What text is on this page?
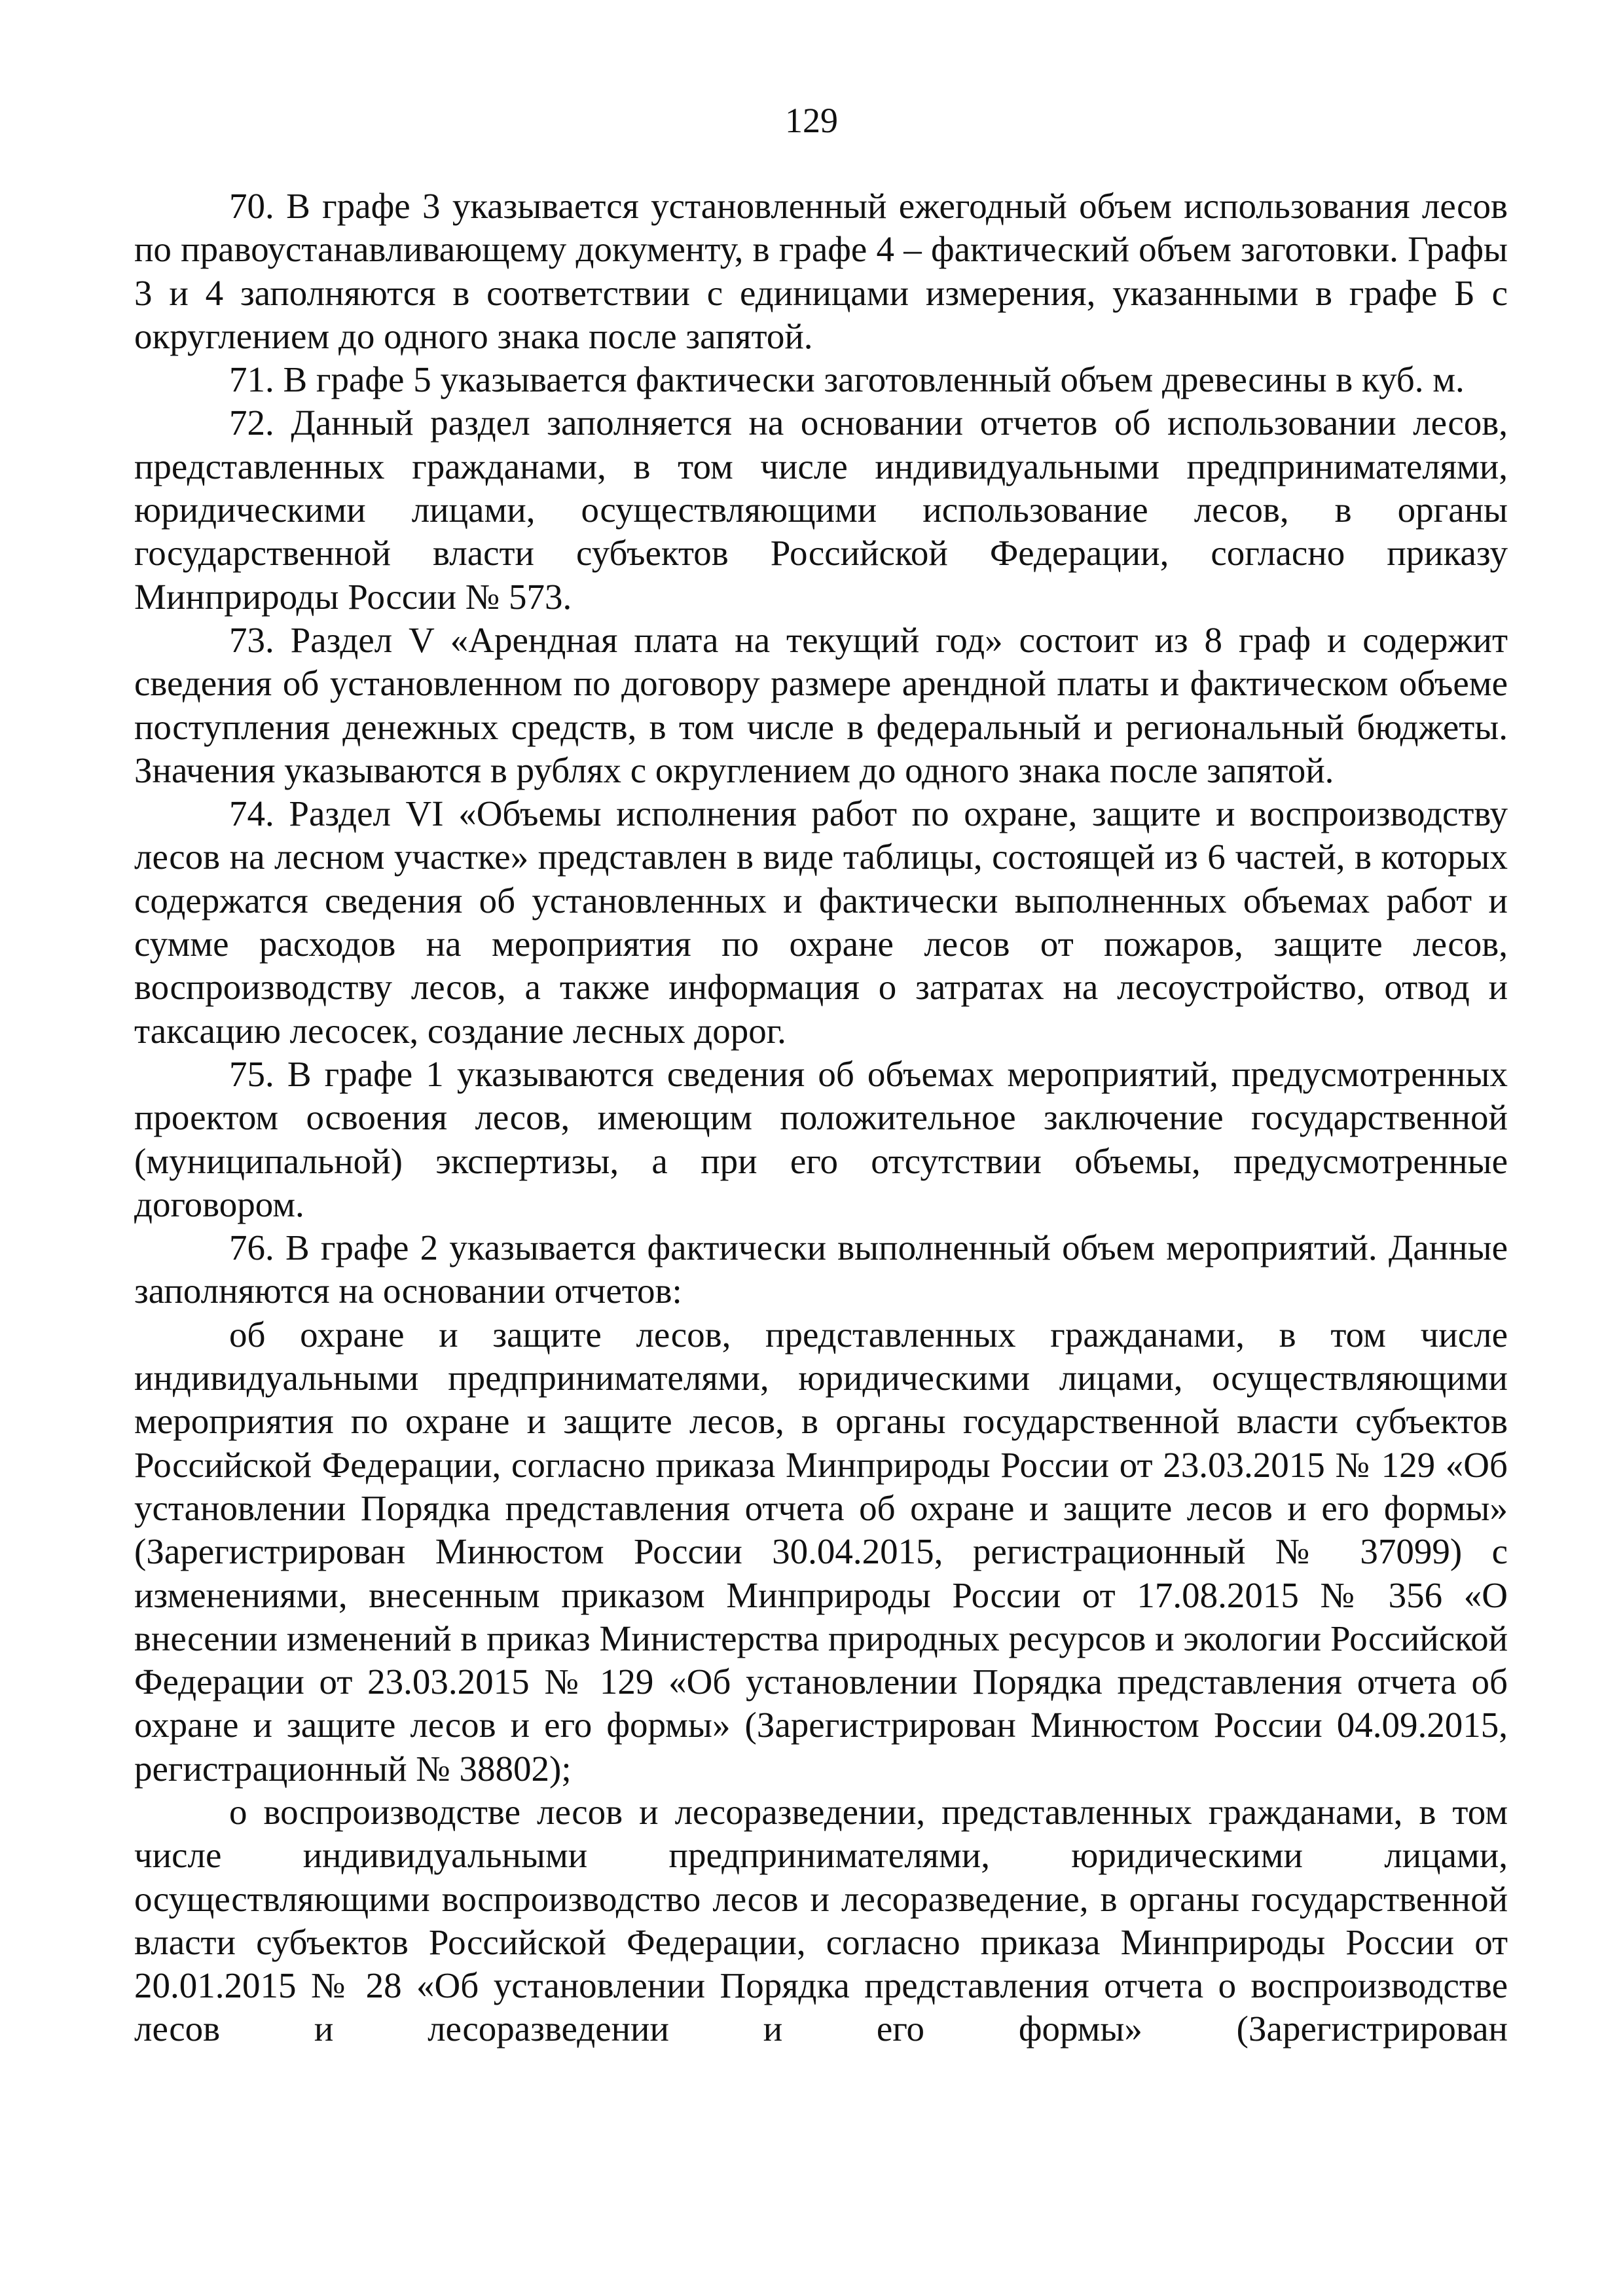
129

70. В графе 3 указывается установленный ежегодный объем использования лесов по правоустанавливающему документу, в графе 4 – фактический объем заготовки. Графы 3 и 4 заполняются в соответствии с единицами измерения, указанными в графе Б с округлением до одного знака после запятой.

71. В графе 5 указывается фактически заготовленный объем древесины в куб. м.

72. Данный раздел заполняется на основании отчетов об использовании лесов, представленных гражданами, в том числе индивидуальными предпринимателями, юридическими лицами, осуществляющими использование лесов, в органы государственной власти субъектов Российской Федерации, согласно приказу Минприроды России № 573.

73. Раздел V «Арендная плата на текущий год» состоит из 8 граф и содержит сведения об установленном по договору размере арендной платы и фактическом объеме поступления денежных средств, в том числе в федеральный и региональный бюджеты. Значения указываются в рублях с округлением до одного знака после запятой.

74. Раздел VI «Объемы исполнения работ по охране, защите и воспроизводству лесов на лесном участке» представлен в виде таблицы, состоящей из 6 частей, в которых содержатся сведения об установленных и фактически выполненных объемах работ и сумме расходов на мероприятия по охране лесов от пожаров, защите лесов, воспроизводству лесов, а также информация о затратах на лесоустройство, отвод и таксацию лесосек, создание лесных дорог.

75. В графе 1 указываются сведения об объемах мероприятий, предусмотренных проектом освоения лесов, имеющим положительное заключение государственной (муниципальной) экспертизы, а при его отсутствии объемы, предусмотренные договором.

76. В графе 2 указывается фактически выполненный объем мероприятий. Данные заполняются на основании отчетов:

об охране и защите лесов, представленных гражданами, в том числе индивидуальными предпринимателями, юридическими лицами, осуществляющими мероприятия по охране и защите лесов, в органы государственной власти субъектов Российской Федерации, согласно приказа Минприроды России от 23.03.2015 № 129 «Об установлении Порядка представления отчета об охране и защите лесов и его формы» (Зарегистрирован Минюстом России 30.04.2015, регистрационный № 37099) с изменениями, внесенным приказом Минприроды России от 17.08.2015 № 356 «О внесении изменений в приказ Министерства природных ресурсов и экологии Российской Федерации от 23.03.2015 № 129 «Об установлении Порядка представления отчета об охране и защите лесов и его формы» (Зарегистрирован Минюстом России 04.09.2015, регистрационный № 38802);

о воспроизводстве лесов и лесоразведении, представленных гражданами, в том числе индивидуальными предпринимателями, юридическими лицами, осуществляющими воспроизводство лесов и лесоразведение, в органы государственной власти субъектов Российской Федерации, согласно приказа Минприроды России от 20.01.2015 № 28 «Об установлении Порядка представления отчета о воспроизводстве лесов и лесоразведении и его формы» (Зарегистрирован
